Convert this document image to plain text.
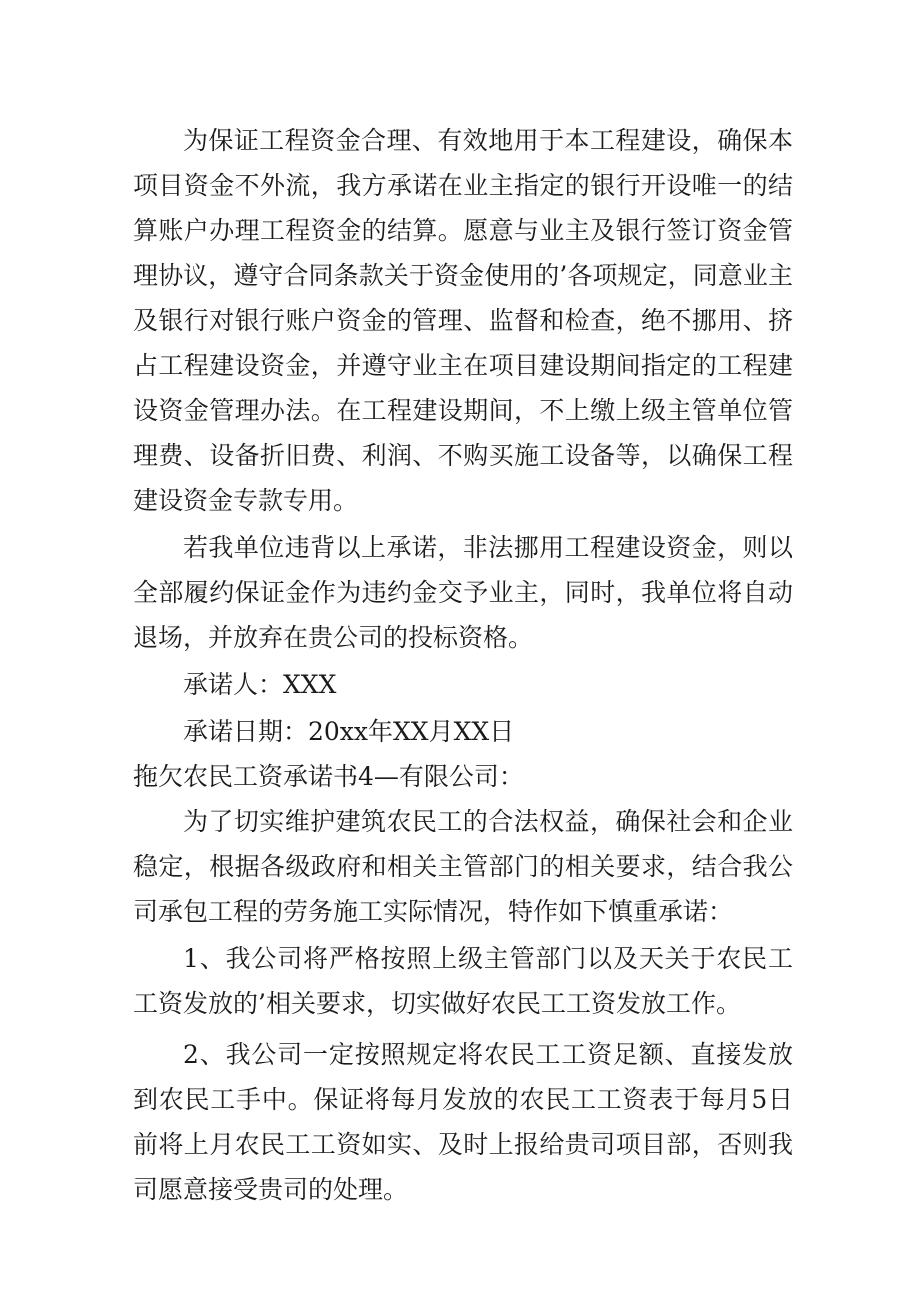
为保证工程资金合理、有效地用于本工程建设，确保本项目资金不外流，我方承诺在业主指定的银行开设唯一的结算账户办理工程资金的结算。愿意与业主及银行签订资金管理协议，遵守合同条款关于资金使用的’各项规定，同意业主及银行对银行账户资金的管理、监督和检查，绝不挪用、挤占工程建设资金，并遵守业主在项目建设期间指定的工程建设资金管理办法。在工程建设期间，不上缴上级主管单位管理费、设备折旧费、利润、不购买施工设备等，以确保工程建设资金专款专用。

若我单位违背以上承诺，非法挪用工程建设资金，则以全部履约保证金作为违约金交予业主，同时，我单位将自动退场，并放弃在贵公司的投标资格。

承诺人：XXX

承诺日期：20xx年XX月XX日

拖欠农民工资承诺书4—有限公司：

为了切实维护建筑农民工的合法权益，确保社会和企业稳定，根据各级政府和相关主管部门的相关要求，结合我公司承包工程的劳务施工实际情况，特作如下慎重承诺：

1、我公司将严格按照上级主管部门以及天关于农民工工资发放的’相关要求，切实做好农民工工资发放工作。

2、我公司一定按照规定将农民工工资足额、直接发放到农民工手中。保证将每月发放的农民工工资表于每月5日前将上月农民工工资如实、及时上报给贵司项目部，否则我司愿意接受贵司的处理。
